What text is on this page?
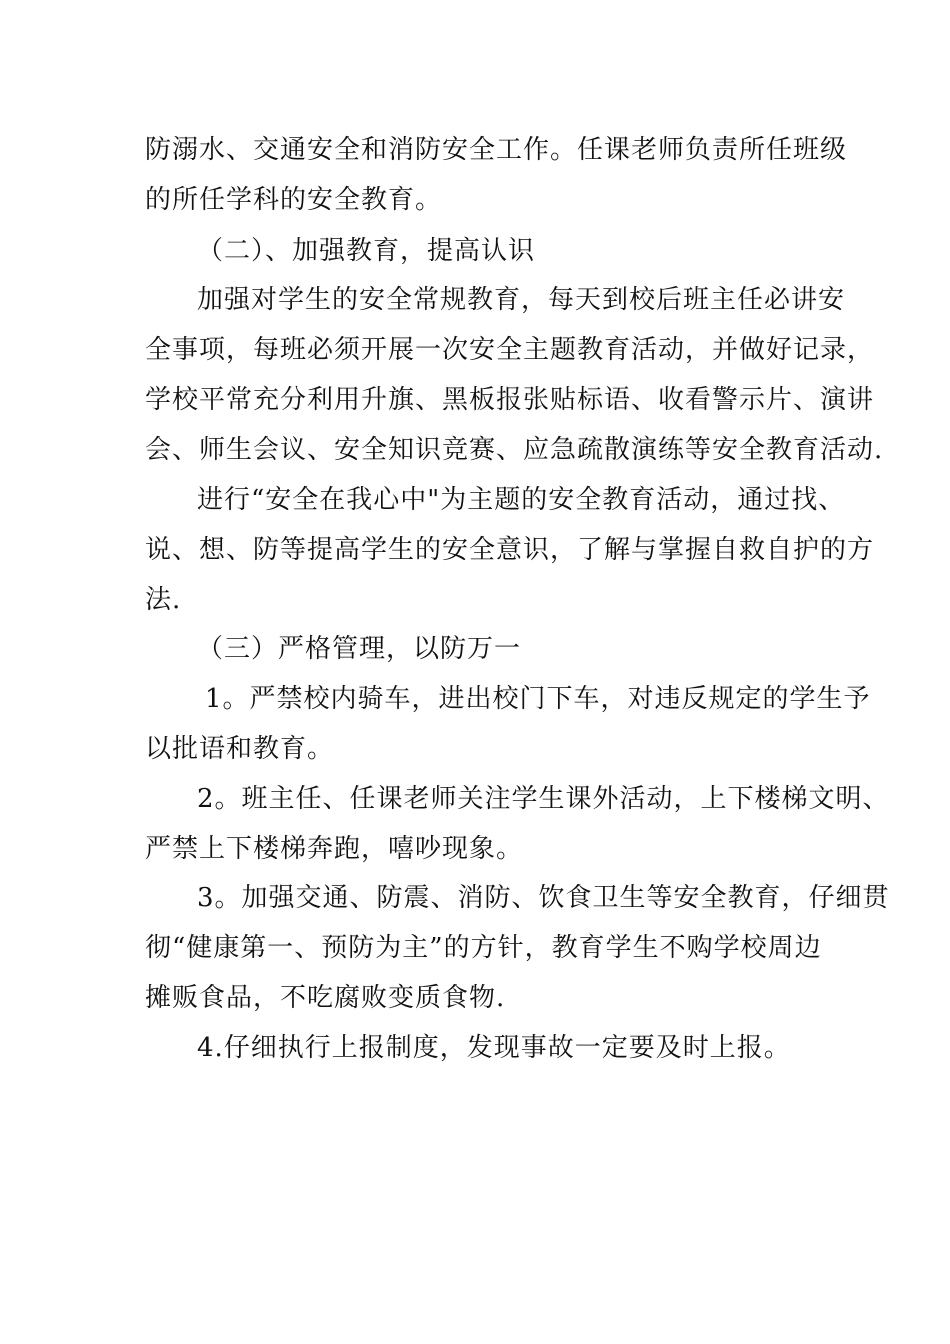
防溺水、交通安全和消防安全工作。任课老师负责所任班级
的所任学科的安全教育。
（二）、加强教育，提高认识
加强对学生的安全常规教育，每天到校后班主任必讲安
全事项，每班必须开展一次安全主题教育活动，并做好记录，
学校平常充分利用升旗、黑板报张贴标语、收看警示片、演讲
会、师生会议、安全知识竞赛、应急疏散演练等安全教育活动.
进行“安全在我心中"为主题的安全教育活动，通过找、
说、想、防等提高学生的安全意识，了解与掌握自救自护的方
法.
（三）严格管理，以防万一
1。严禁校内骑车，进出校门下车，对违反规定的学生予
以批语和教育。
2。班主任、任课老师关注学生课外活动，上下楼梯文明、
严禁上下楼梯奔跑，嘻吵现象。
3。加强交通、防震、消防、饮食卫生等安全教育，仔细贯
彻“健康第一、预防为主”的方针，教育学生不购学校周边
摊贩食品，不吃腐败变质食物.
4.仔细执行上报制度，发现事故一定要及时上报。
